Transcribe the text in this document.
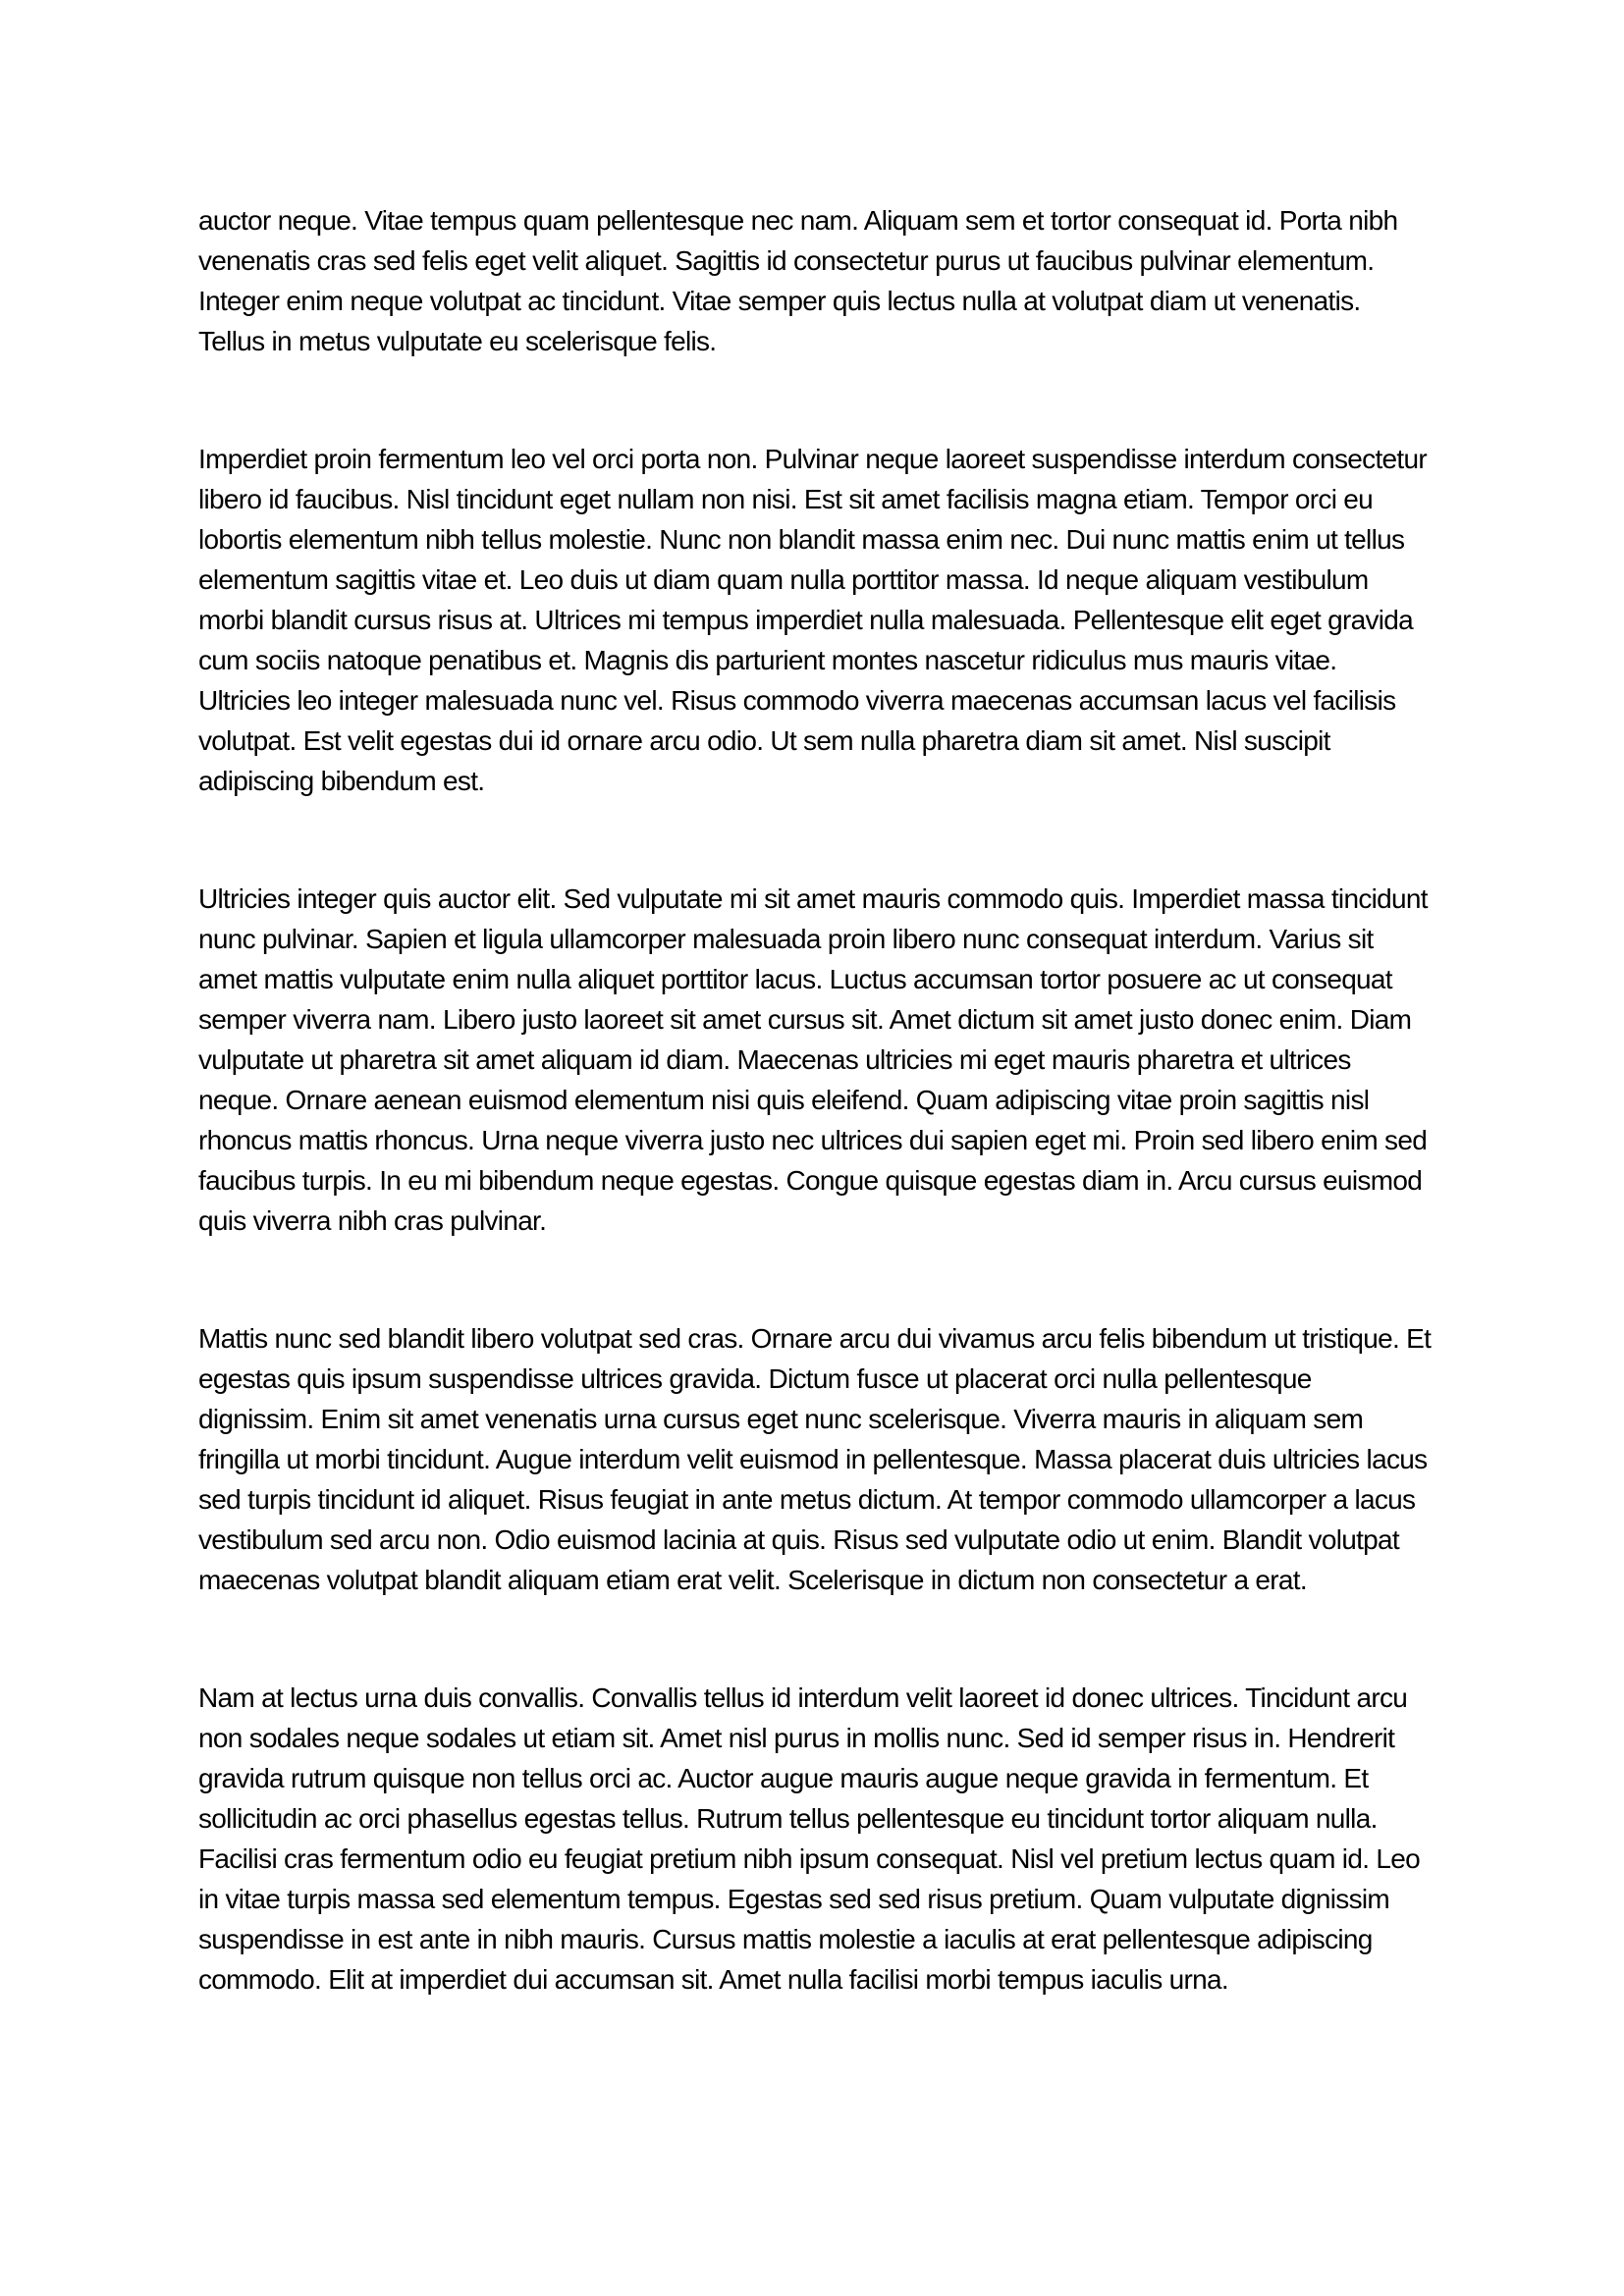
auctor neque. Vitae tempus quam pellentesque nec nam. Aliquam sem et tortor consequat id. Porta nibh venenatis cras sed felis eget velit aliquet. Sagittis id consectetur purus ut faucibus pulvinar elementum. Integer enim neque volutpat ac tincidunt. Vitae semper quis lectus nulla at volutpat diam ut venenatis. Tellus in metus vulputate eu scelerisque felis.

Imperdiet proin fermentum leo vel orci porta non. Pulvinar neque laoreet suspendisse interdum consectetur libero id faucibus. Nisl tincidunt eget nullam non nisi. Est sit amet facilisis magna etiam. Tempor orci eu lobortis elementum nibh tellus molestie. Nunc non blandit massa enim nec. Dui nunc mattis enim ut tellus elementum sagittis vitae et. Leo duis ut diam quam nulla porttitor massa. Id neque aliquam vestibulum morbi blandit cursus risus at. Ultrices mi tempus imperdiet nulla malesuada. Pellentesque elit eget gravida cum sociis natoque penatibus et. Magnis dis parturient montes nascetur ridiculus mus mauris vitae. Ultricies leo integer malesuada nunc vel. Risus commodo viverra maecenas accumsan lacus vel facilisis volutpat. Est velit egestas dui id ornare arcu odio. Ut sem nulla pharetra diam sit amet. Nisl suscipit adipiscing bibendum est.

Ultricies integer quis auctor elit. Sed vulputate mi sit amet mauris commodo quis. Imperdiet massa tincidunt nunc pulvinar. Sapien et ligula ullamcorper malesuada proin libero nunc consequat interdum. Varius sit amet mattis vulputate enim nulla aliquet porttitor lacus. Luctus accumsan tortor posuere ac ut consequat semper viverra nam. Libero justo laoreet sit amet cursus sit. Amet dictum sit amet justo donec enim. Diam vulputate ut pharetra sit amet aliquam id diam. Maecenas ultricies mi eget mauris pharetra et ultrices neque. Ornare aenean euismod elementum nisi quis eleifend. Quam adipiscing vitae proin sagittis nisl rhoncus mattis rhoncus. Urna neque viverra justo nec ultrices dui sapien eget mi. Proin sed libero enim sed faucibus turpis. In eu mi bibendum neque egestas. Congue quisque egestas diam in. Arcu cursus euismod quis viverra nibh cras pulvinar.

Mattis nunc sed blandit libero volutpat sed cras. Ornare arcu dui vivamus arcu felis bibendum ut tristique. Et egestas quis ipsum suspendisse ultrices gravida. Dictum fusce ut placerat orci nulla pellentesque dignissim. Enim sit amet venenatis urna cursus eget nunc scelerisque. Viverra mauris in aliquam sem fringilla ut morbi tincidunt. Augue interdum velit euismod in pellentesque. Massa placerat duis ultricies lacus sed turpis tincidunt id aliquet. Risus feugiat in ante metus dictum. At tempor commodo ullamcorper a lacus vestibulum sed arcu non. Odio euismod lacinia at quis. Risus sed vulputate odio ut enim. Blandit volutpat maecenas volutpat blandit aliquam etiam erat velit. Scelerisque in dictum non consectetur a erat.

Nam at lectus urna duis convallis. Convallis tellus id interdum velit laoreet id donec ultrices. Tincidunt arcu non sodales neque sodales ut etiam sit. Amet nisl purus in mollis nunc. Sed id semper risus in. Hendrerit gravida rutrum quisque non tellus orci ac. Auctor augue mauris augue neque gravida in fermentum. Et sollicitudin ac orci phasellus egestas tellus. Rutrum tellus pellentesque eu tincidunt tortor aliquam nulla. Facilisi cras fermentum odio eu feugiat pretium nibh ipsum consequat. Nisl vel pretium lectus quam id. Leo in vitae turpis massa sed elementum tempus. Egestas sed sed risus pretium. Quam vulputate dignissim suspendisse in est ante in nibh mauris. Cursus mattis molestie a iaculis at erat pellentesque adipiscing commodo. Elit at imperdiet dui accumsan sit. Amet nulla facilisi morbi tempus iaculis urna.
